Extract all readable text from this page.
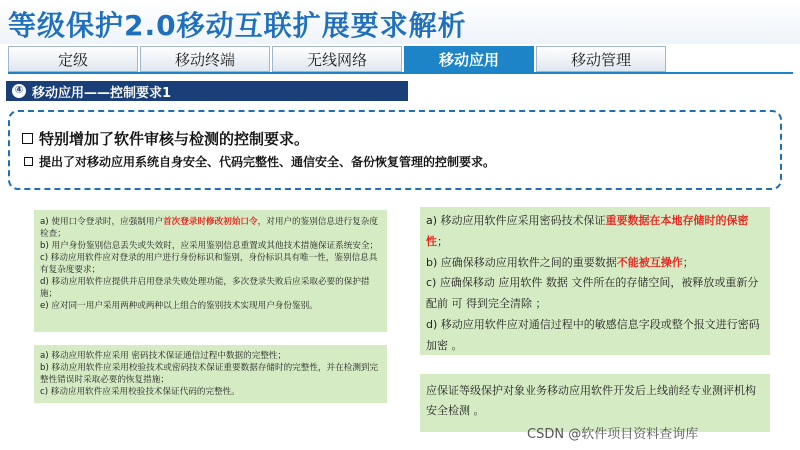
等级保护2.0移动互联扩展要求解析
定级	移动终端	无线网络	移动应用	移动管理
④ 移动应用——控制要求1
特别增加了软件审核与检测的控制要求。
提出了对移动应用系统自身安全、代码完整性、通信安全、备份恢复管理的控制要求。

a) 使用口令登录时，应强制用户首次登录时修改初始口令，对用户的鉴别信息进行复杂度检查；

b) 用户身份鉴别信息丢失或失效时，应采用鉴别信息重置或其他技术措施保证系统安全；

c) 移动应用软件应对登录的用户进行身份标识和鉴别，身份标识具有唯一性，鉴别信息具有复杂度要求；

d) 移动应用软件应提供并启用登录失败处理功能，多次登录失败后应采取必要的保护措施；

e) 应对同一用户采用两种或两种以上组合的鉴别技术实现用户身份鉴别。

a) 移动应用软件应采用 密码技术保证通信过程中数据的完整性；

b) 移动应用软件应采用校验技术或密码技术保证重要数据存储时的完整性，并在检测到完整性错误时采取必要的恢复措施；

c) 移动应用软件应采用校验技术保证代码的完整性。

a) 移动应用软件应采用密码技术保证重要数据在本地存储时的保密性；

b) 应确保移动应用软件之间的重要数据不能被互操作；

c) 应确保移动 应用软件 数据 文件所在的存储空间，被释放或重新分配前 可 得到完全清除 ；

d) 移动应用软件应对通信过程中的敏感信息字段或整个报文进行密码加密 。

应保证等级保护对象业务移动应用软件开发后上线前经专业测评机构安全检测 。

CSDN @软件项目资料查询库
